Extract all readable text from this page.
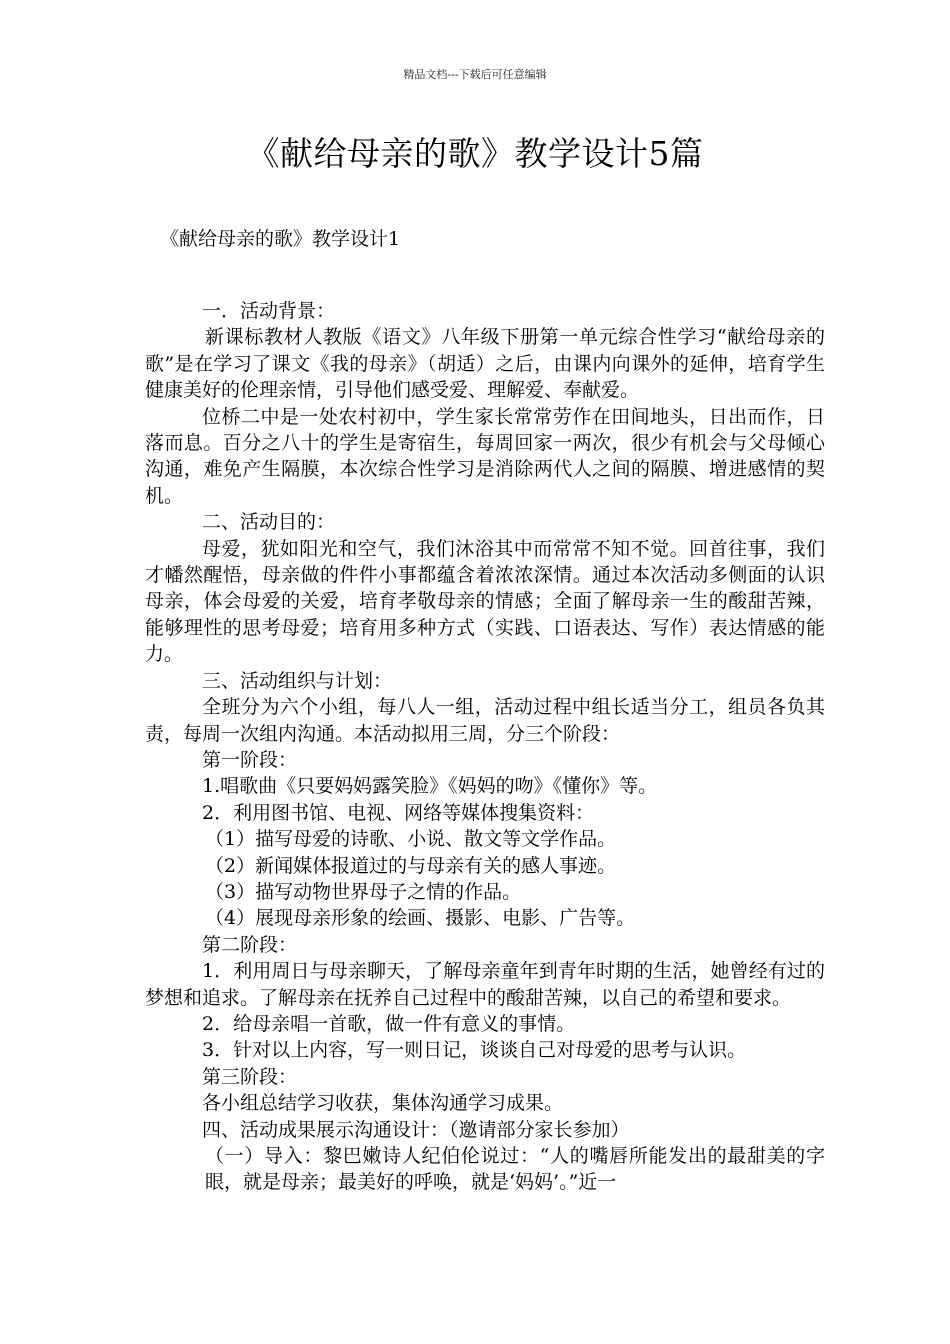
精品文档---下载后可任意编辑
《献给母亲的歌》教学设计5篇
《献给母亲的歌》教学设计1

一．活动背景：

新课标教材人教版《语文》八年级下册第一单元综合性学习“献给母亲的歌”是在学习了课文《我的母亲》（胡适）之后，由课内向课外的延伸，培育学生健康美好的伦理亲情，引导他们感受爱、理解爱、奉献爱。

位桥二中是一处农村初中，学生家长常常劳作在田间地头，日出而作，日落而息。百分之八十的学生是寄宿生，每周回家一两次，很少有机会与父母倾心沟通，难免产生隔膜，本次综合性学习是消除两代人之间的隔膜、增进感情的契机。

二、活动目的：

母爱，犹如阳光和空气，我们沐浴其中而常常不知不觉。回首往事，我们才幡然醒悟，母亲做的件件小事都蕴含着浓浓深情。通过本次活动多侧面的认识母亲，体会母爱的关爱，培育孝敬母亲的情感；全面了解母亲一生的酸甜苦辣，能够理性的思考母爱；培育用多种方式（实践、口语表达、写作）表达情感的能力。

三、活动组织与计划：

全班分为六个小组，每八人一组，活动过程中组长适当分工，组员各负其责，每周一次组内沟通。本活动拟用三周，分三个阶段：

第一阶段：

1.唱歌曲《只要妈妈露笑脸》《妈妈的吻》《懂你》等。

2．利用图书馆、电视、网络等媒体搜集资料：

（1）描写母爱的诗歌、小说、散文等文学作品。

（2）新闻媒体报道过的与母亲有关的感人事迹。

（3）描写动物世界母子之情的作品。

（4）展现母亲形象的绘画、摄影、电影、广告等。

第二阶段：

1．利用周日与母亲聊天，了解母亲童年到青年时期的生活，她曾经有过的梦想和追求。了解母亲在抚养自己过程中的酸甜苦辣，以自己的希望和要求。

2．给母亲唱一首歌，做一件有意义的事情。

3．针对以上内容，写一则日记，谈谈自己对母爱的思考与认识。

第三阶段：

各小组总结学习收获，集体沟通学习成果。

四、活动成果展示沟通设计：（邀请部分家长参加）

（一）导入：黎巴嫩诗人纪伯伦说过：“人的嘴唇所能发出的最甜美的字眼，就是母亲；最美好的呼唤，就是‘妈妈’。”近一
